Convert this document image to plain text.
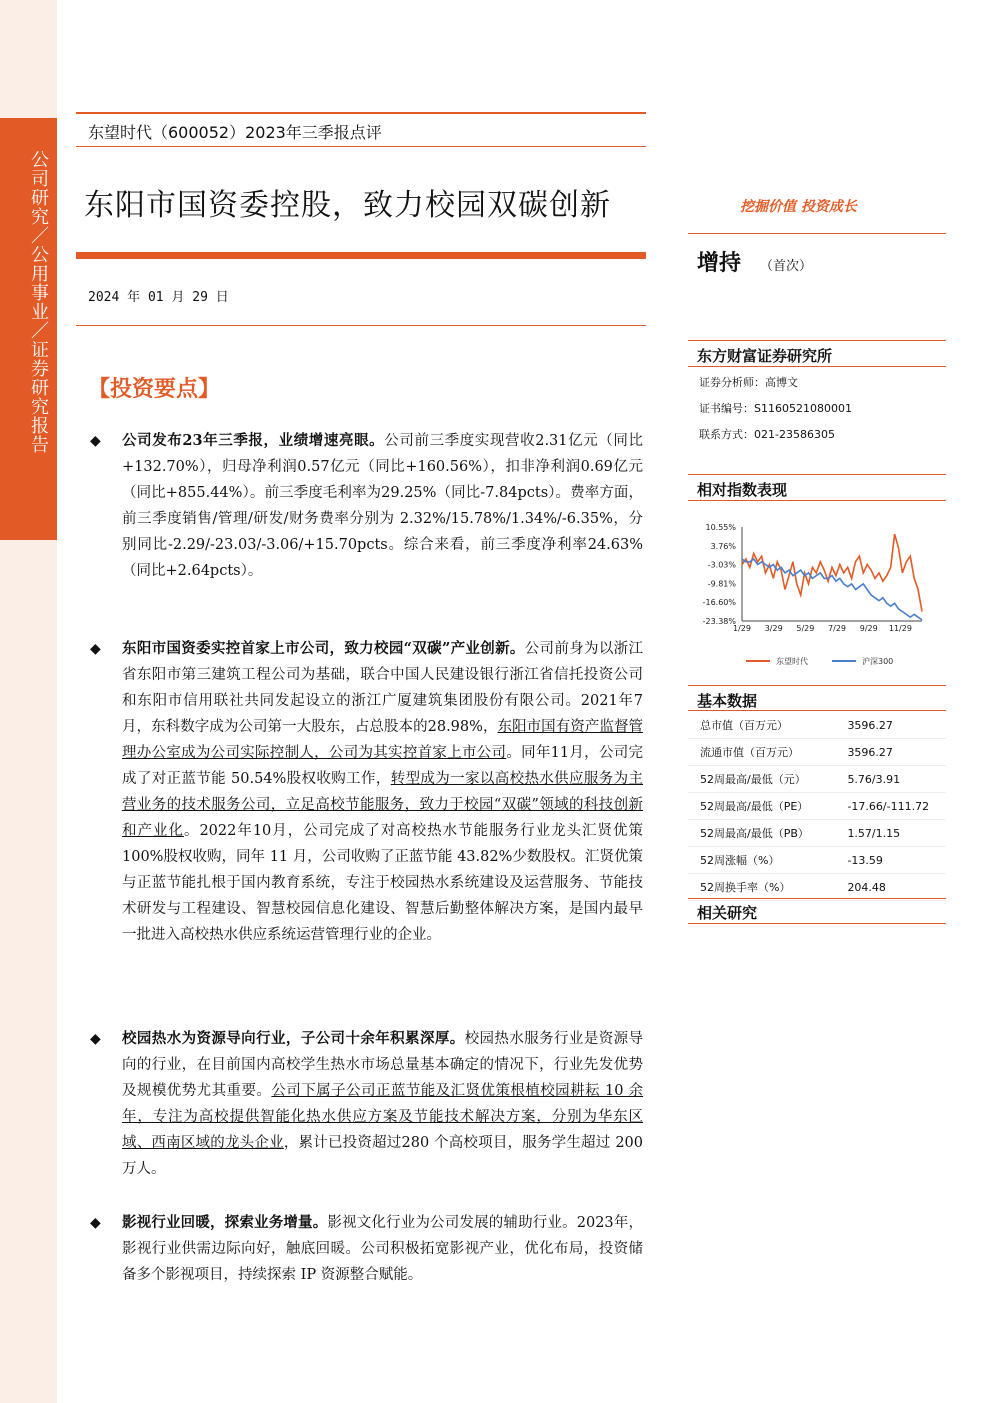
公司研究／公用事业／证券研究报告
东望时代（600052）2023年三季报点评
东阳市国资委控股，致力校园双碳创新
2024 年 01 月 29 日
【投资要点】
◆ 公司发布23年三季报，业绩增速亮眼。公司前三季度实现营收2.31亿元（同比+132.70%），归母净利润0.57亿元（同比+160.56%），扣非净利润0.69亿元（同比+855.44%）。前三季度毛利率为29.25%（同比-7.84pcts）。费率方面，前三季度销售/管理/研发/财务费率分别为 2.32%/15.78%/1.34%/-6.35%，分别同比-2.29/-23.03/-3.06/+15.70pcts。综合来看，前三季度净利率24.63%（同比+2.64pcts）。
◆ 东阳市国资委实控首家上市公司，致力校园“双碳”产业创新。公司前身为以浙江省东阳市第三建筑工程公司为基础，联合中国人民建设银行浙江省信托投资公司和东阳市信用联社共同发起设立的浙江广厦建筑集团股份有限公司。2021年7月，东科数字成为公司第一大股东，占总股本的28.98%，东阳市国有资产监督管理办公室成为公司实际控制人，公司为其实控首家上市公司。同年11月，公司完成了对正蓝节能 50.54%股权收购工作，转型成为一家以高校热水供应服务为主营业务的技术服务公司，立足高校节能服务，致力于校园“双碳”领域的科技创新和产业化。2022年10月，公司完成了对高校热水节能服务行业龙头汇贤优策 100%股权收购，同年 11 月，公司收购了正蓝节能 43.82%少数股权。汇贤优策与正蓝节能扎根于国内教育系统，专注于校园热水系统建设及运营服务、节能技术研发与工程建设、智慧校园信息化建设、智慧后勤整体解决方案，是国内最早一批进入高校热水供应系统运营管理行业的企业。
◆ 校园热水为资源导向行业，子公司十余年积累深厚。校园热水服务行业是资源导向的行业，在目前国内高校学生热水市场总量基本确定的情况下，行业先发优势及规模优势尤其重要。公司下属子公司正蓝节能及汇贤优策根植校园耕耘 10 余年，专注为高校提供智能化热水供应方案及节能技术解决方案，分别为华东区域、西南区域的龙头企业，累计已投资超过280 个高校项目，服务学生超过 200 万人。
◆ 影视行业回暖，探索业务增量。影视文化行业为公司发展的辅助行业。2023年，影视行业供需边际向好，触底回暖。公司积极拓宽影视产业，优化布局，投资储备多个影视项目，持续探索 IP 资源整合赋能。
挖掘价值 投资成长
增持 （首次）
东方财富证券研究所
证券分析师：高博文
证书编号：S1160521080001
联系方式：021-23586305
相对指数表现
10.55%
3.76%
-3.03%
-9.81%
-16.60%
-23.38%
1/29 3/29 5/29 7/29 9/29 11/29
东望时代	沪深300
基本数据
总市值（百万元）	3596.27
流通市值（百万元）	3596.27
52周最高/最低（元）	5.76/3.91
52周最高/最低（PE）	-17.66/-111.72
52周最高/最低（PB）	1.57/1.15
52周涨幅（%）	-13.59
52周换手率（%）	204.48
相关研究
